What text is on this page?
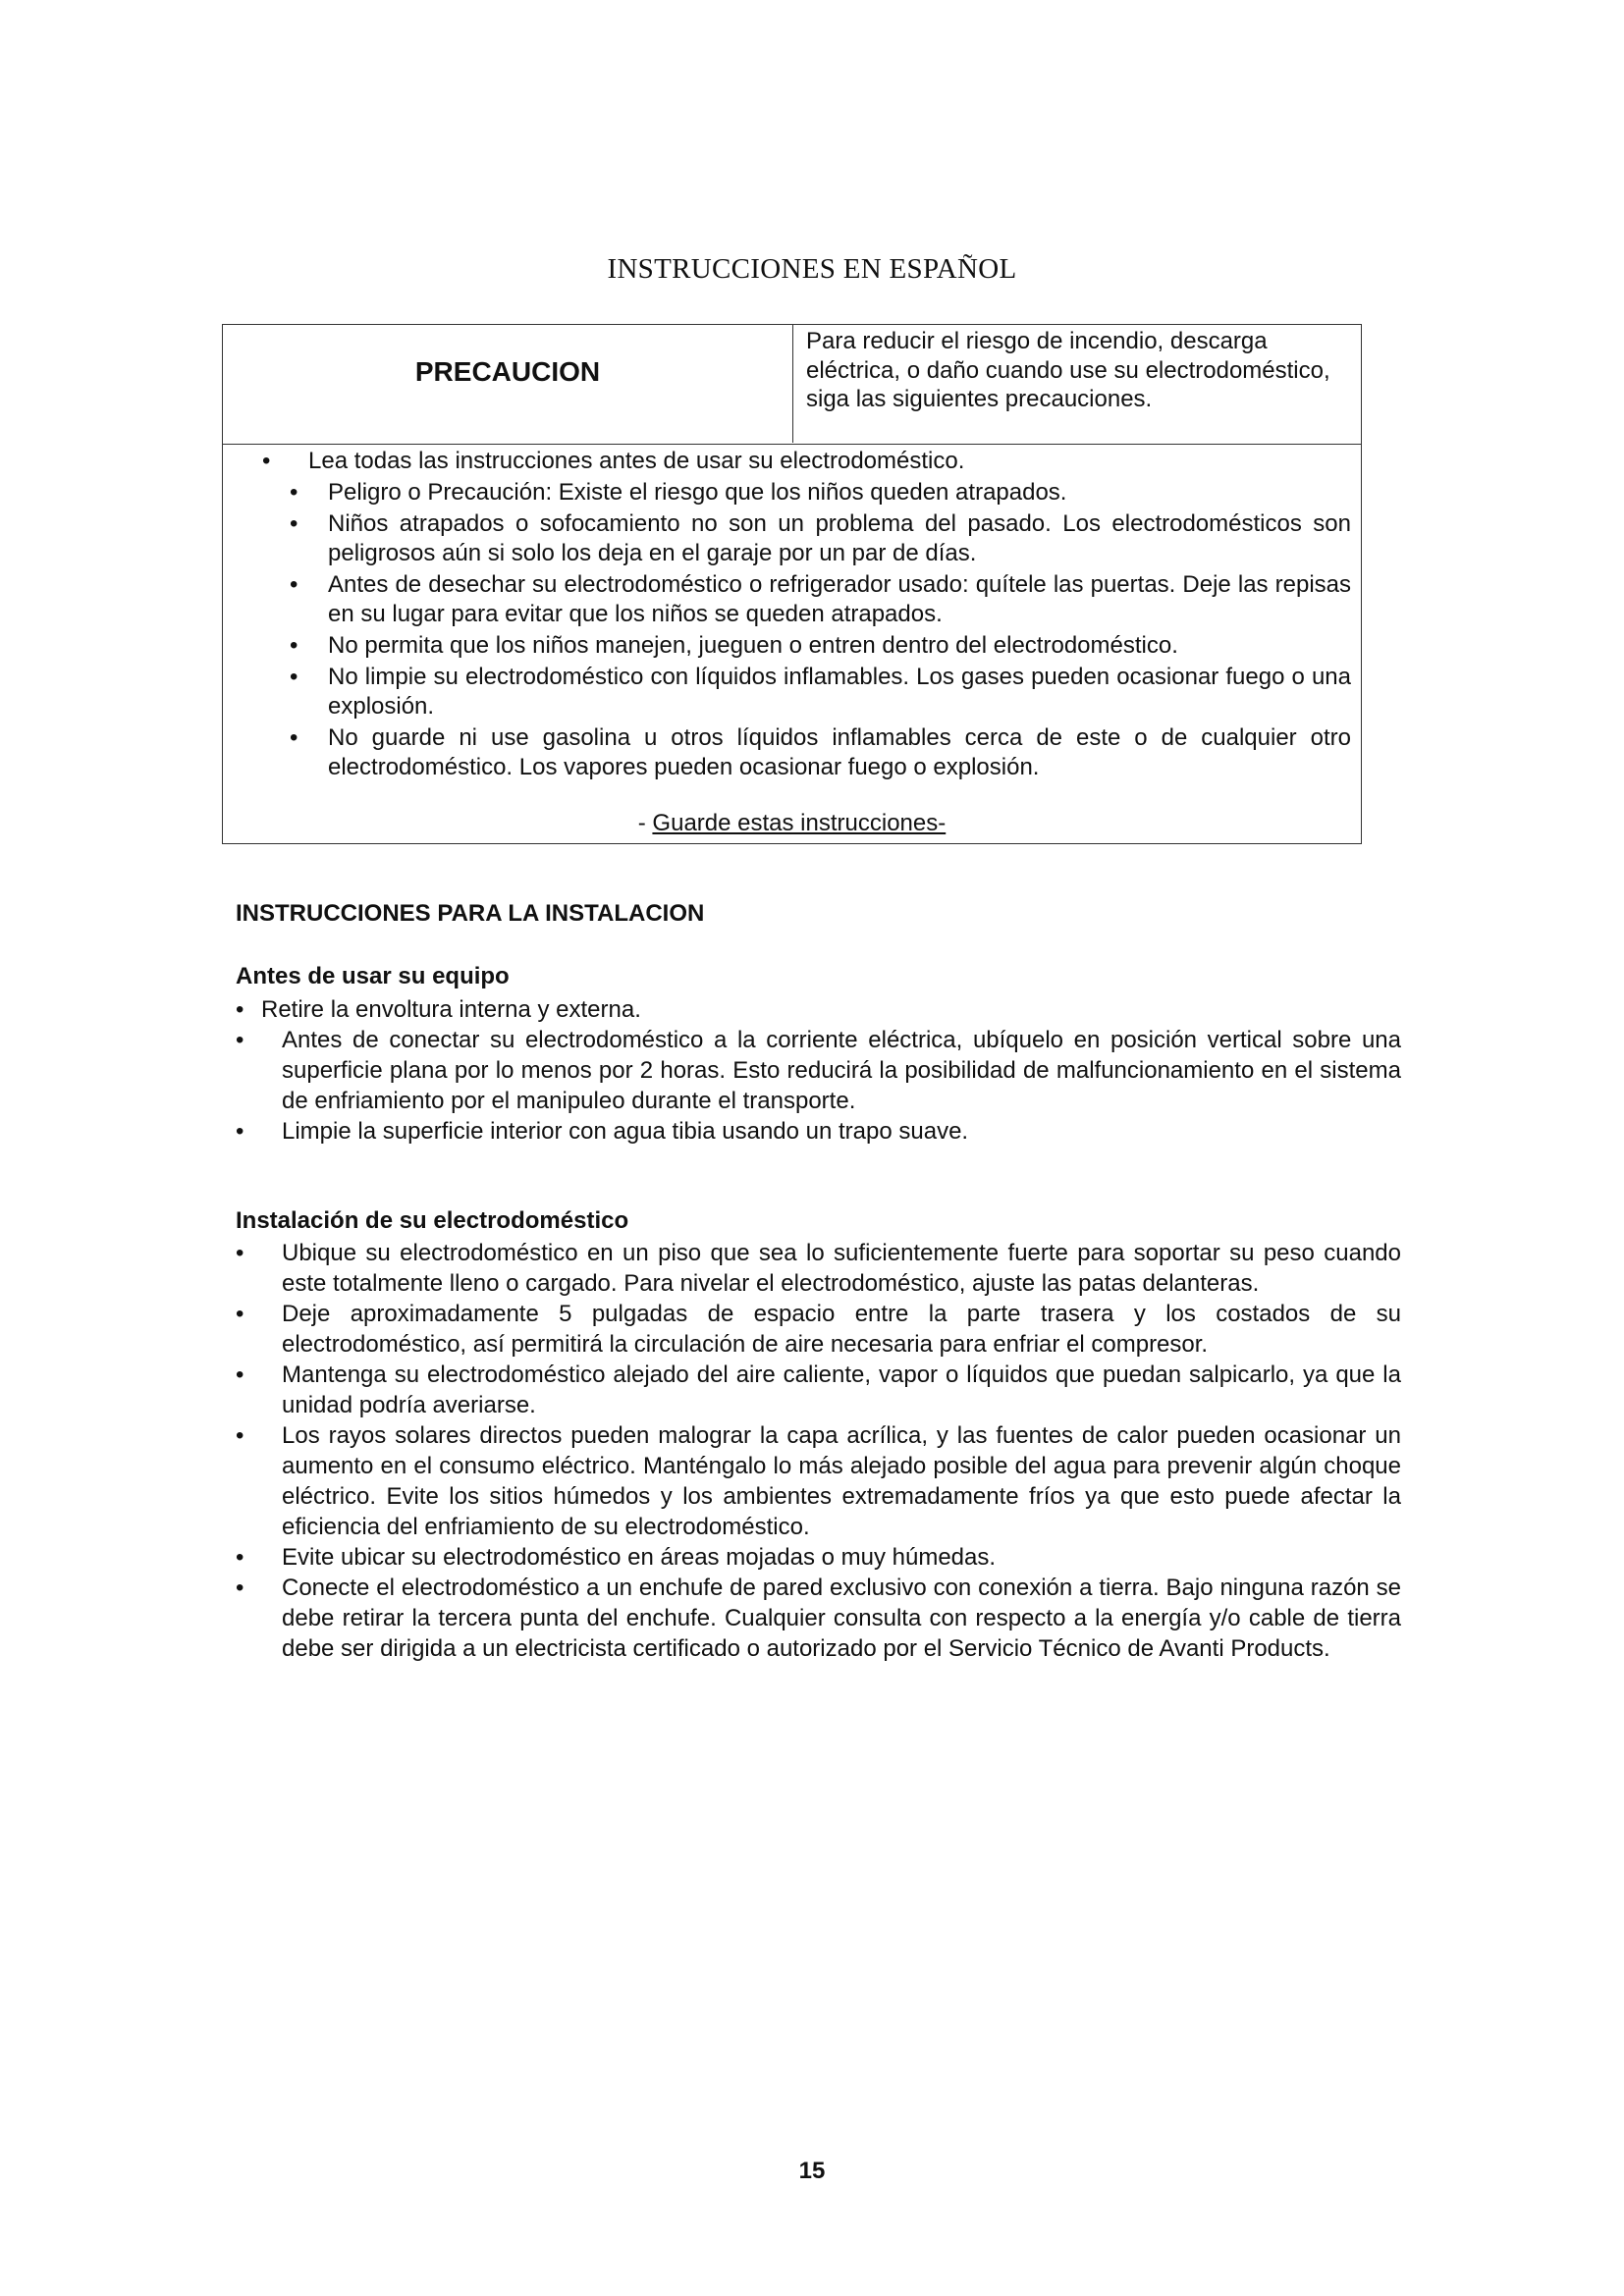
INSTRUCCIONES EN ESPAÑOL
PRECAUCION
Para reducir el riesgo de incendio, descarga eléctrica, o daño cuando use su electrodoméstico, siga las siguientes precauciones.
• Lea todas las instrucciones antes de usar su electrodoméstico.
• Peligro o Precaución: Existe el riesgo que los niños queden atrapados.
• Niños atrapados o sofocamiento no son un problema del pasado. Los electrodomésticos son peligrosos aún si solo los deja en el garaje por un par de días.
• Antes de desechar su electrodoméstico o refrigerador usado: quítele las puertas. Deje las repisas en su lugar para evitar que los niños se queden atrapados.
• No permita que los niños manejen, jueguen o entren dentro del electrodoméstico.
• No limpie su electrodoméstico con líquidos inflamables. Los gases pueden ocasionar fuego o una explosión.
• No guarde ni use gasolina u otros líquidos inflamables cerca de este o de cualquier otro electrodoméstico. Los vapores pueden ocasionar fuego o explosión.
- Guarde estas instrucciones-
INSTRUCCIONES PARA LA INSTALACION
Antes de usar su equipo
• Retire la envoltura interna y externa.
• Antes de conectar su electrodoméstico a la corriente eléctrica, ubíquelo en posición vertical sobre una superficie plana por lo menos por 2 horas. Esto reducirá la posibilidad de malfuncionamiento en el sistema de enfriamiento por el manipuleo durante el transporte.
• Limpie la superficie interior con agua tibia usando un trapo suave.
Instalación de su electrodoméstico
• Ubique su electrodoméstico en un piso que sea lo suficientemente fuerte para soportar su peso cuando este totalmente lleno o cargado. Para nivelar el electrodoméstico, ajuste las patas delanteras.
• Deje aproximadamente 5 pulgadas de espacio entre la parte trasera y los costados de su electrodoméstico, así permitirá la circulación de aire necesaria para enfriar el compresor.
• Mantenga su electrodoméstico alejado del aire caliente, vapor o líquidos que puedan salpicarlo, ya que la unidad podría averiarse.
• Los rayos solares directos pueden malograr la capa acrílica, y las fuentes de calor pueden ocasionar un aumento en el consumo eléctrico. Manténgalo lo más alejado posible del agua para prevenir algún choque eléctrico. Evite los sitios húmedos y los ambientes extremadamente fríos ya que esto puede afectar la eficiencia del enfriamiento de su electrodoméstico.
• Evite ubicar su electrodoméstico en áreas mojadas o muy húmedas.
• Conecte el electrodoméstico a un enchufe de pared exclusivo con conexión a tierra. Bajo ninguna razón se debe retirar la tercera punta del enchufe. Cualquier consulta con respecto a la energía y/o cable de tierra debe ser dirigida a un electricista certificado o autorizado por el Servicio Técnico de Avanti Products.
15
